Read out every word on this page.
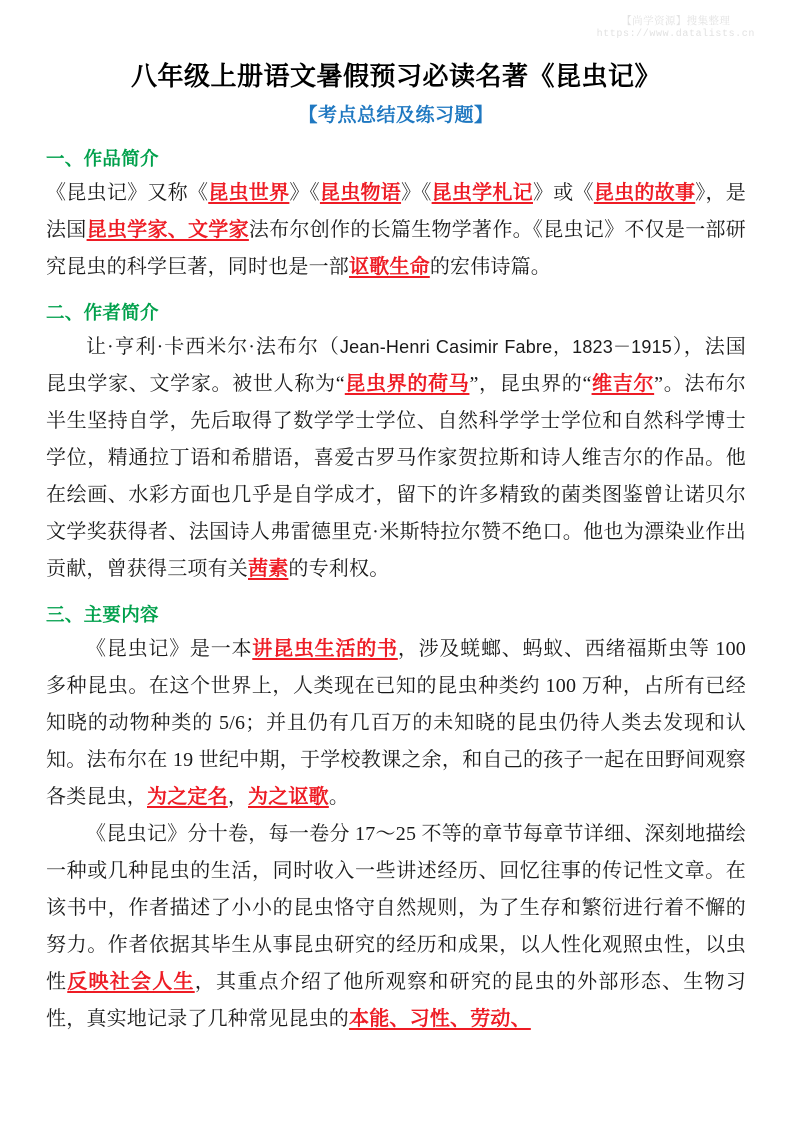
【尚学资源】搜集整理
https://www.datalists.cn
八年级上册语文暑假预习必读名著《昆虫记》
【考点总结及练习题】
一、作品简介

《昆虫记》又称《昆虫世界》《昆虫物语》《昆虫学札记》或《昆虫的故事》，是法国昆虫学家、文学家法布尔创作的长篇生物学著作。《昆虫记》不仅是一部研究昆虫的科学巨著，同时也是一部讴歌生命的宏伟诗篇。

二、作者简介

让·亨利·卡西米尔·法布尔（Jean-Henri Casimir Fabre，1823－1915），法国昆虫学家、文学家。被世人称为“昆虫界的荷马”，昆虫界的“维吉尔”。法布尔半生坚持自学，先后取得了数学学士学位、自然科学学士学位和自然科学博士学位，精通拉丁语和希腊语，喜爱古罗马作家贺拉斯和诗人维吉尔的作品。他在绘画、水彩方面也几乎是自学成才，留下的许多精致的菌类图鉴曾让诺贝尔文学奖获得者、法国诗人弗雷德里克·米斯特拉尔赞不绝口。他也为漂染业作出贡献，曾获得三项有关茜素的专利权。

三、主要内容

《昆虫记》是一本讲昆虫生活的书，涉及蜣螂、蚂蚁、西绪福斯虫等 100 多种昆虫。在这个世界上，人类现在已知的昆虫种类约 100 万种，占所有已经知晓的动物种类的 5/6；并且仍有几百万的未知晓的昆虫仍待人类去发现和认知。法布尔在 19 世纪中期，于学校教课之余，和自己的孩子一起在田野间观察各类昆虫，为之定名，为之讴歌。

《昆虫记》分十卷，每一卷分 17～25 不等的章节每章节详细、深刻地描绘一种或几种昆虫的生活，同时收入一些讲述经历、回忆往事的传记性文章。在该书中，作者描述了小小的昆虫恪守自然规则，为了生存和繁衍进行着不懈的努力。作者依据其毕生从事昆虫研究的经历和成果，以人性化观照虫性，以虫性反映社会人生，其重点介绍了他所观察和研究的昆虫的外部形态、生物习性，真实地记录了几种常见昆虫的本能、习性、劳动、
